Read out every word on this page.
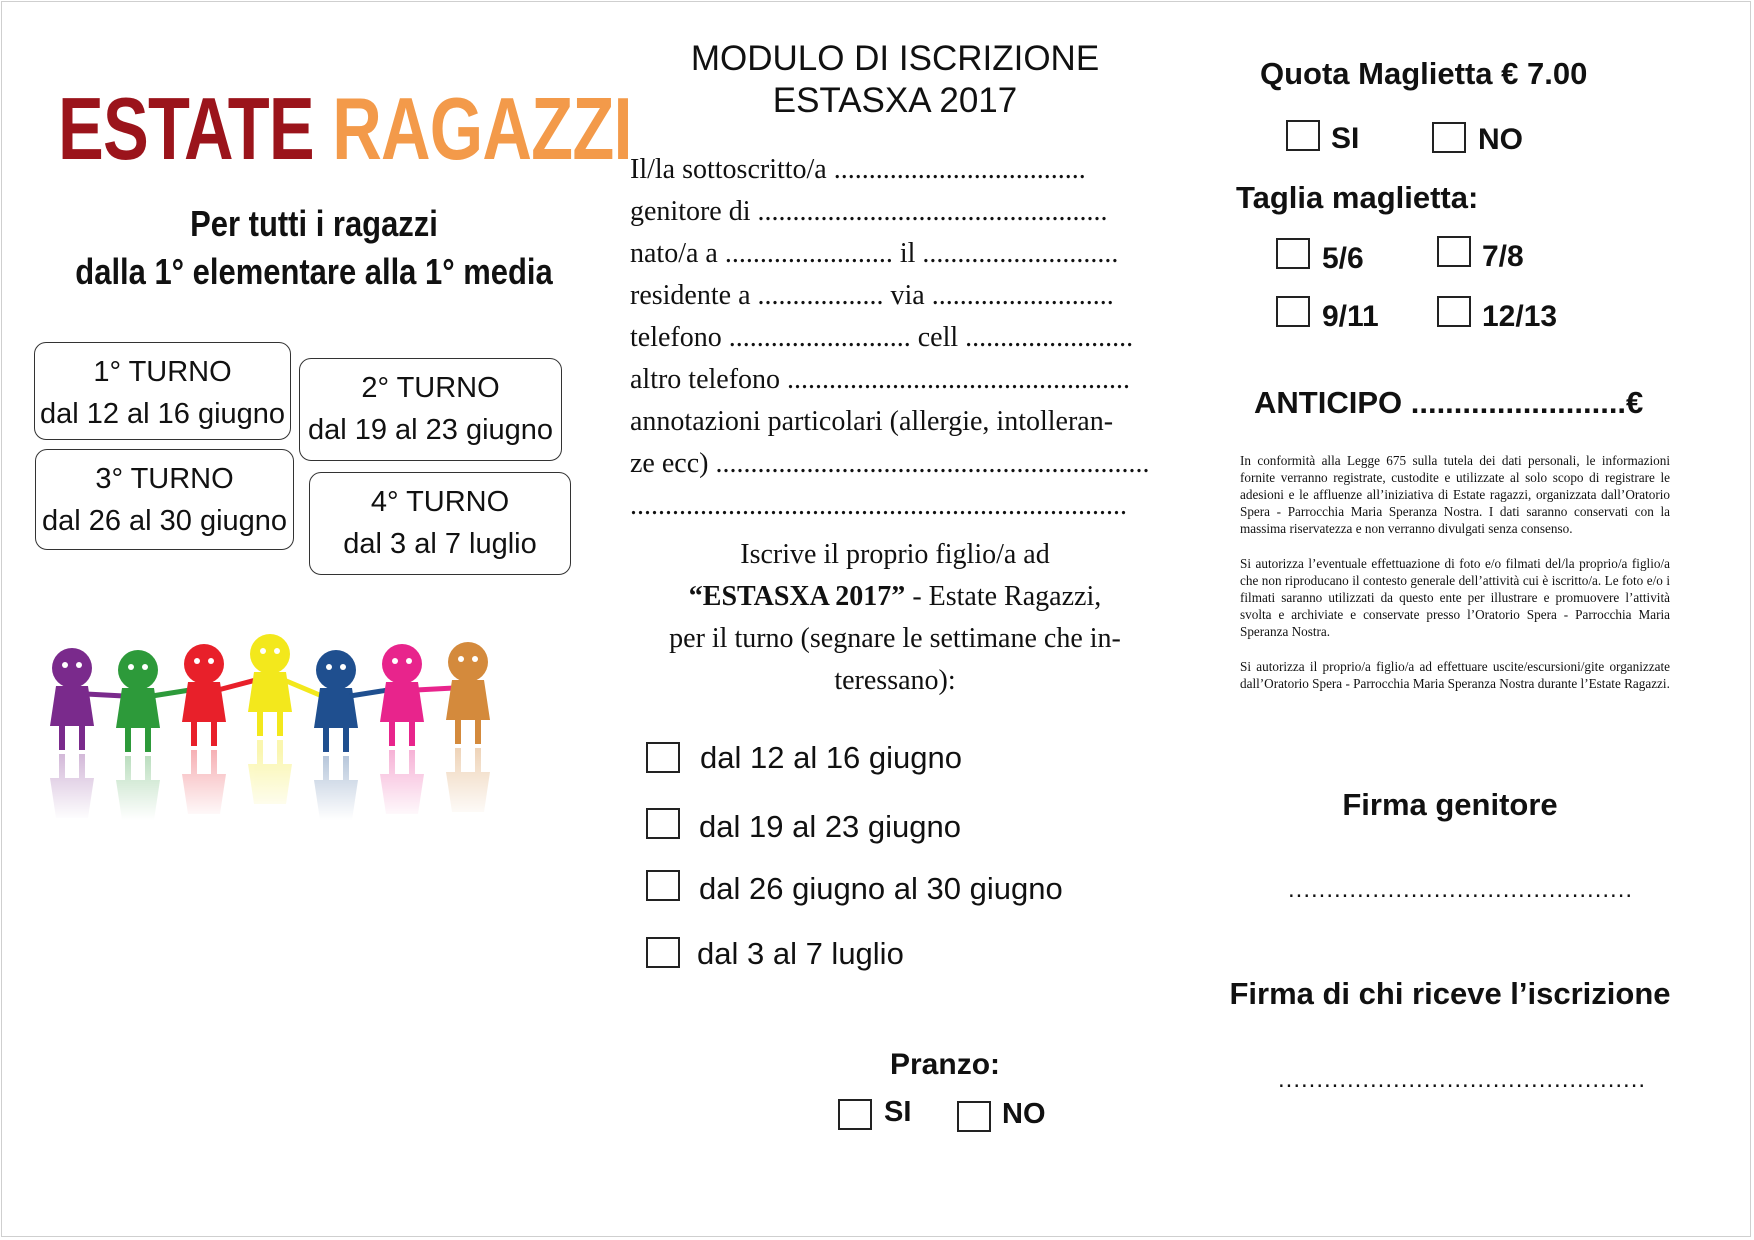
ESTATE RAGAZZI
Per tutti i ragazzi
dalla 1° elementare alla 1° media
1° TURNO
dal 12 al 16 giugno
2° TURNO
dal 19 al 23 giugno
3° TURNO
dal 26 al 30 giugno
4° TURNO
dal 3 al 7 luglio
MODULO DI ISCRIZIONE
ESTASXA 2017
Il/la sottoscritto/a ....................................
genitore di ..................................................
nato/a a ........................ il ............................
residente a .................. via ..........................
telefono .......................... cell ........................
altro telefono .................................................
annotazioni particolari (allergie, intolleran-
ze ecc) ..............................................................
.......................................................................
Iscrive il proprio figlio/a ad
“ESTASXA 2017” - Estate Ragazzi,
per il turno (segnare le settimane che in-
teressano):
dal 12 al 16 giugno
dal 19 al 23 giugno
dal 26 giugno al 30 giugno
dal 3 al 7 luglio
Pranzo:
SI	NO
Quota Maglietta € 7.00
SI	NO
Taglia maglietta:
5/6	7/8
9/11	12/13
ANTICIPO .........................€

In conformità alla Legge 675 sulla tutela dei dati personali, le informazioni fornite verranno registrate, custodite e utilizzate al solo scopo di registrare le adesioni e le affluenze all’iniziativa di Estate ragazzi, organizzata dall’Oratorio Spera - Parrocchia Maria Speranza Nostra. I dati saranno conservati con la massima riservatezza e non verranno divulgati senza consenso.

Si autorizza l’eventuale effettuazione di foto e/o filmati del/la proprio/a figlio/a che non riproducano il contesto generale dell’attività cui è iscritto/a. Le foto e/o i filmati saranno utilizzati da questo ente per illustrare e promuovere l’attività svolta e archiviate e conservate presso l’Oratorio Spera - Parrocchia Maria Speranza Nostra.

Si autorizza il proprio/a figlio/a ad effettuare uscite/escursioni/gite organizzate dall’Oratorio Spera - Parrocchia Maria Speranza Nostra durante l’Estate Ragazzi.

Firma genitore
.............................................
Firma di chi riceve l’iscrizione
................................................
